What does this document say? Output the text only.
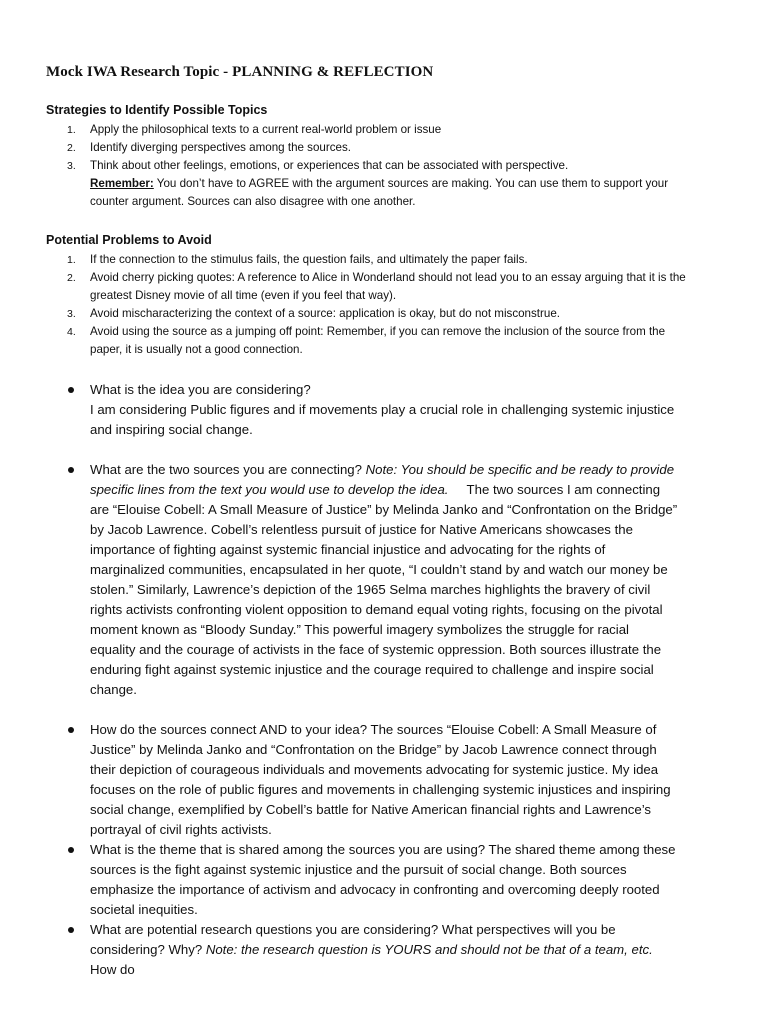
Mock IWA Research Topic - PLANNING & REFLECTION
Strategies to Identify Possible Topics
1. Apply the philosophical texts to a current real-world problem or issue
2. Identify diverging perspectives among the sources.
3. Think about other feelings, emotions, or experiences that can be associated with perspective.
Remember: You don’t have to AGREE with the argument sources are making. You can use them to support your counter argument. Sources can also disagree with one another.
Potential Problems to Avoid
1. If the connection to the stimulus fails, the question fails, and ultimately the paper fails.
2. Avoid cherry picking quotes: A reference to Alice in Wonderland should not lead you to an essay arguing that it is the greatest Disney movie of all time (even if you feel that way).
3. Avoid mischaracterizing the context of a source: application is okay, but do not misconstrue.
4. Avoid using the source as a jumping off point: Remember, if you can remove the inclusion of the source from the paper, it is usually not a good connection.
What is the idea you are considering?
I am considering Public figures and if movements play a crucial role in challenging systemic injustice and inspiring social change.
What are the two sources you are connecting? Note: You should be specific and be ready to provide specific lines from the text you would use to develop the idea.     The two sources I am connecting are “Elouise Cobell: A Small Measure of Justice” by Melinda Janko and “Confrontation on the Bridge” by Jacob Lawrence. Cobell’s relentless pursuit of justice for Native Americans showcases the importance of fighting against systemic financial injustice and advocating for the rights of marginalized communities, encapsulated in her quote, “I couldn’t stand by and watch our money be stolen.” Similarly, Lawrence’s depiction of the 1965 Selma marches highlights the bravery of civil rights activists confronting violent opposition to demand equal voting rights, focusing on the pivotal moment known as “Bloody Sunday.” This powerful imagery symbolizes the struggle for racial equality and the courage of activists in the face of systemic oppression. Both sources illustrate the enduring fight against systemic injustice and the courage required to challenge and inspire social change.
How do the sources connect AND to your idea? The sources “Elouise Cobell: A Small Measure of Justice” by Melinda Janko and “Confrontation on the Bridge” by Jacob Lawrence connect through their depiction of courageous individuals and movements advocating for systemic justice. My idea focuses on the role of public figures and movements in challenging systemic injustices and inspiring social change, exemplified by Cobell’s battle for Native American financial rights and Lawrence’s portrayal of civil rights activists.
What is the theme that is shared among the sources you are using? The shared theme among these sources is the fight against systemic injustice and the pursuit of social change. Both sources emphasize the importance of activism and advocacy in confronting and overcoming deeply rooted societal inequities.
What are potential research questions you are considering? What perspectives will you be considering? Why? Note: the research question is YOURS and should not be that of a team, etc. How do
